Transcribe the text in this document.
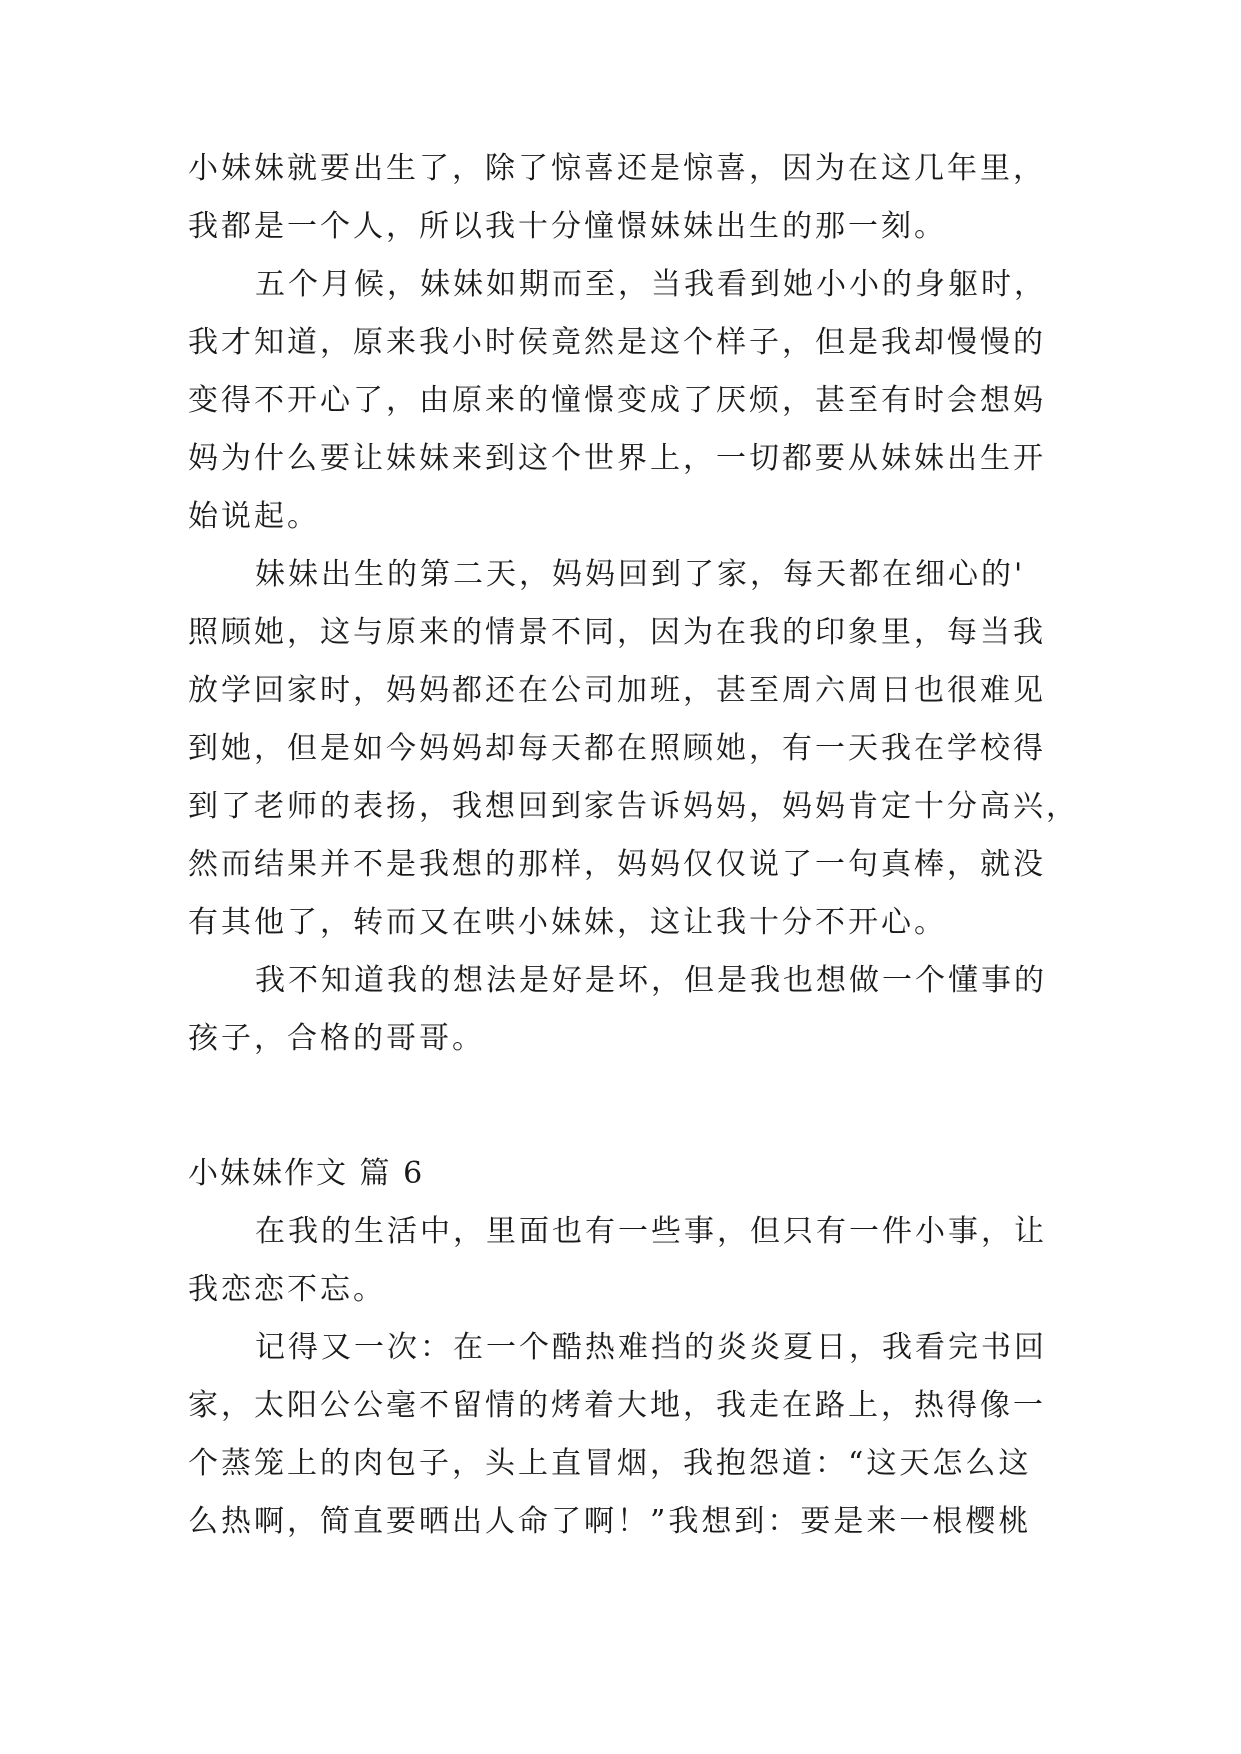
小妹妹就要出生了，除了惊喜还是惊喜，因为在这几年里，
我都是一个人，所以我十分憧憬妹妹出生的那一刻。
五个月候，妹妹如期而至，当我看到她小小的身躯时，
我才知道，原来我小时侯竟然是这个样子，但是我却慢慢的
变得不开心了，由原来的憧憬变成了厌烦，甚至有时会想妈
妈为什么要让妹妹来到这个世界上，一切都要从妹妹出生开
始说起。
妹妹出生的第二天，妈妈回到了家，每天都在细心的'
照顾她，这与原来的情景不同，因为在我的印象里，每当我
放学回家时，妈妈都还在公司加班，甚至周六周日也很难见
到她，但是如今妈妈却每天都在照顾她，有一天我在学校得
到了老师的表扬，我想回到家告诉妈妈，妈妈肯定十分高兴，
然而结果并不是我想的那样，妈妈仅仅说了一句真棒，就没
有其他了，转而又在哄小妹妹，这让我十分不开心。
我不知道我的想法是好是坏，但是我也想做一个懂事的
孩子，合格的哥哥。
小妹妹作文 篇 6
在我的生活中，里面也有一些事，但只有一件小事，让
我恋恋不忘。
记得又一次：在一个酷热难挡的炎炎夏日，我看完书回
家，太阳公公毫不留情的烤着大地，我走在路上，热得像一
个蒸笼上的肉包子，头上直冒烟，我抱怨道：“这天怎么这
么热啊，简直要晒出人命了啊！”我想到：要是来一根樱桃
